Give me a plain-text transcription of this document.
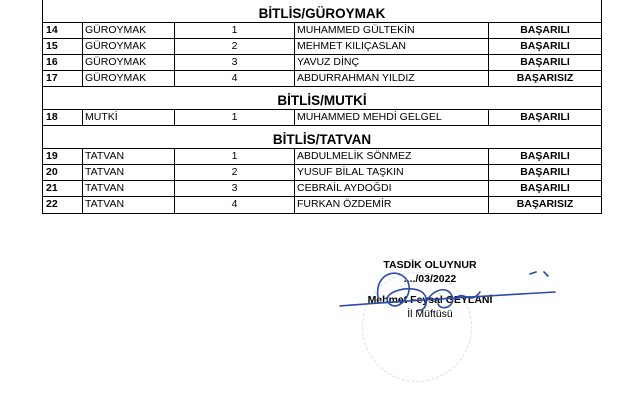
BİTLİS/GÜROYMAK
14	GÜROYMAK	1	MUHAMMED GÜLTEKİN	BAŞARILI
15	GÜROYMAK	2	MEHMET KILIÇASLAN	BAŞARILI
16	GÜROYMAK	3	YAVUZ DİNÇ	BAŞARILI
17	GÜROYMAK	4	ABDURRAHMAN YILDIZ	BAŞARISIZ
BİTLİS/MUTKİ
18	MUTKİ	1	MUHAMMED MEHDİ GELGEL	BAŞARILI
BİTLİS/TATVAN
19	TATVAN	1	ABDULMELİK SÖNMEZ	BAŞARILI
20	TATVAN	2	YUSUF BİLAL TAŞKIN	BAŞARILI
21	TATVAN	3	CEBRAİL AYDOĞDI	BAŞARILI
22	TATVAN	4	FURKAN ÖZDEMİR	BAŞARISIZ
TASDİK OLUYNUR
..../03/2022
Mehmet Feysal GEYLANİ
İl Müftüsü
